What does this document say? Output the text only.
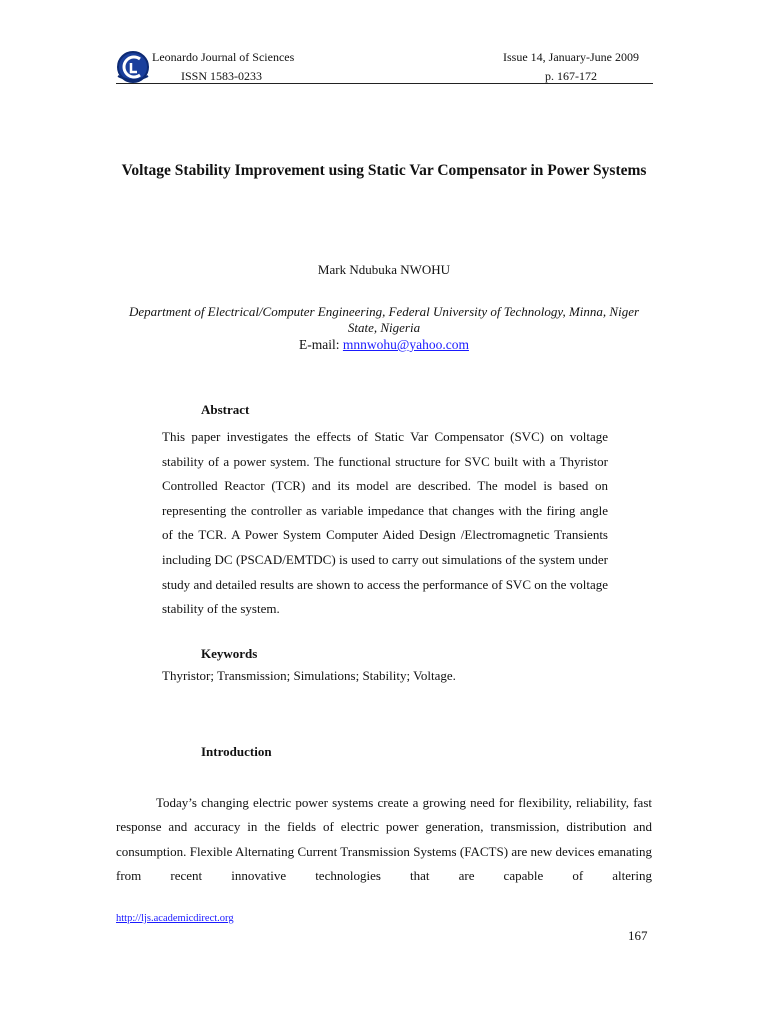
Leonardo Journal of Sciences
ISSN 1583-0233
Issue 14, January-June 2009
p. 167-172
Voltage Stability Improvement using Static Var Compensator in Power Systems
Mark Ndubuka NWOHU
Department of Electrical/Computer Engineering, Federal University of Technology, Minna, Niger State, Nigeria
E-mail: mnnwohu@yahoo.com
Abstract
This paper investigates the effects of Static Var Compensator (SVC) on voltage stability of a power system. The functional structure for SVC built with a Thyristor Controlled Reactor (TCR) and its model are described. The model is based on representing the controller as variable impedance that changes with the firing angle of the TCR. A Power System Computer Aided Design /Electromagnetic Transients including DC (PSCAD/EMTDC) is used to carry out simulations of the system under study and detailed results are shown to access the performance of SVC on the voltage stability of the system.
Keywords
Thyristor; Transmission; Simulations; Stability; Voltage.
Introduction
Today’s changing electric power systems create a growing need for flexibility, reliability, fast response and accuracy in the fields of electric power generation, transmission, distribution and consumption. Flexible Alternating Current Transmission Systems (FACTS) are new devices emanating from recent innovative technologies that are capable of altering
http://ljs.academicdirect.org
167
